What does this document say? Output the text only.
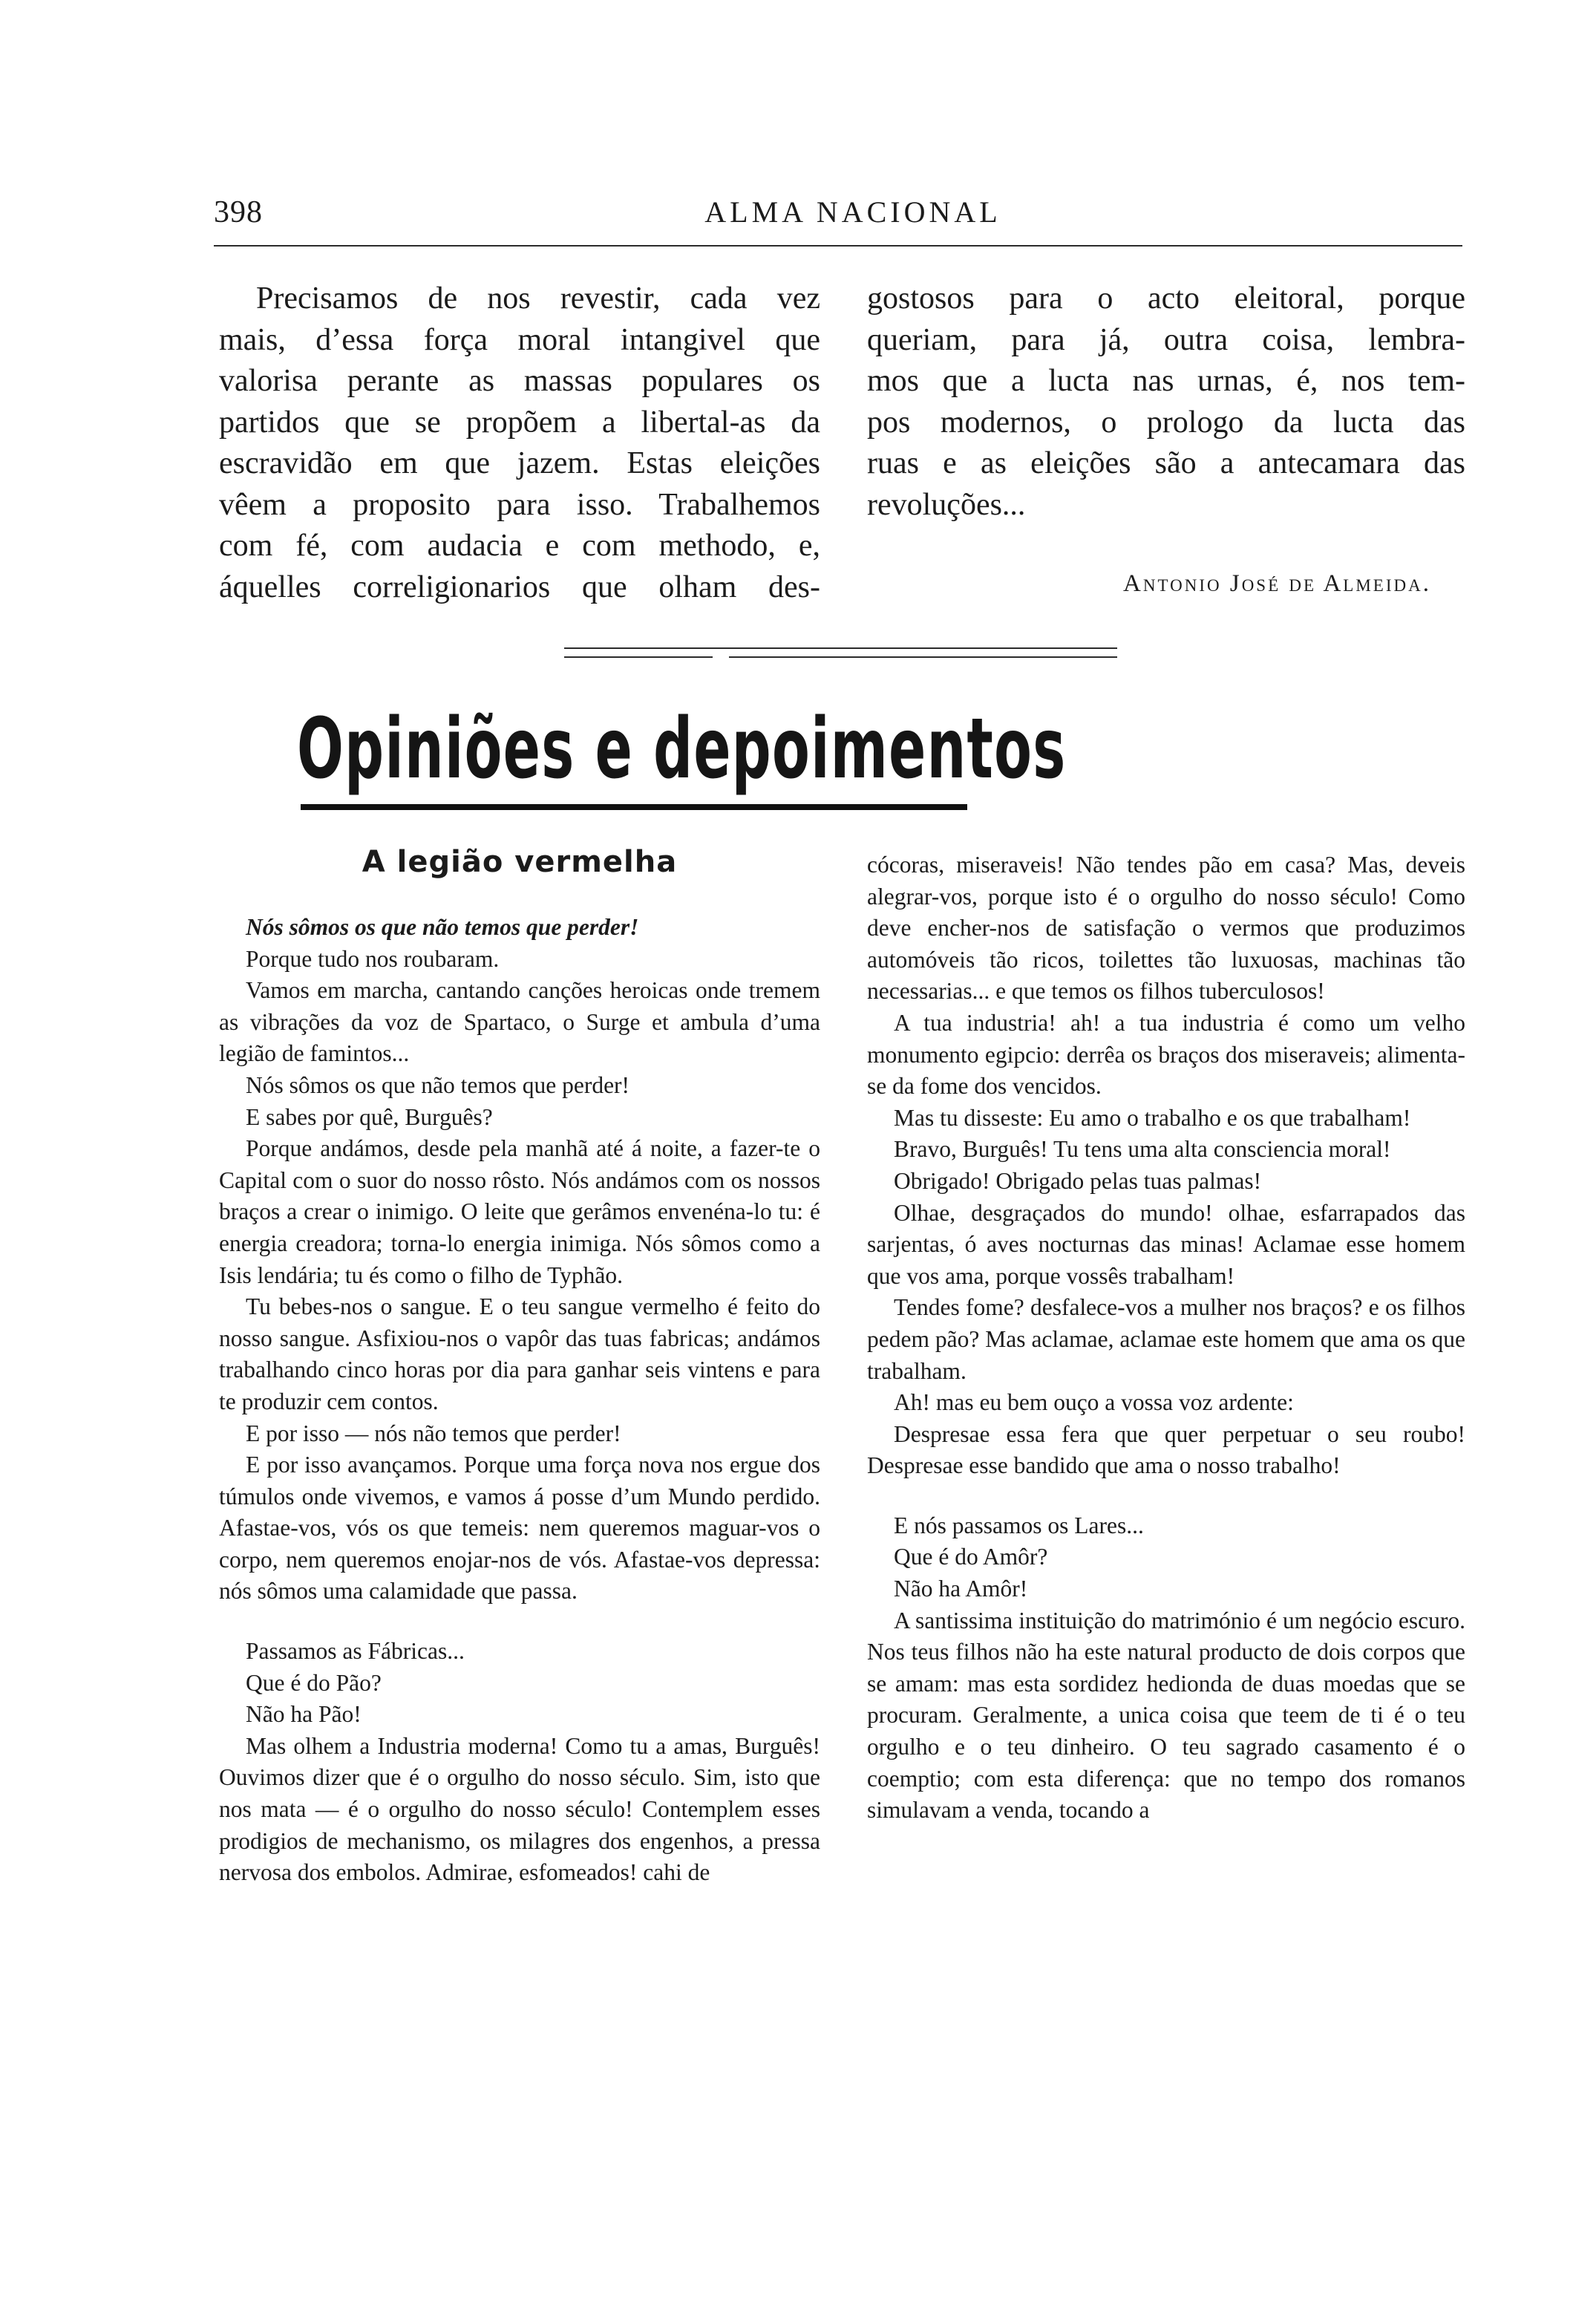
398	ALMA NACIONAL

Precisamos de nos revestir, cada vez

mais, d’essa força moral intangivel que

valorisa perante as massas populares os

partidos que se propõem a libertal-as da

escravidão em que jazem. Estas eleições

vêem a proposito para isso. Trabalhemos

com fé, com audacia e com methodo, e,

áquelles correligionarios que olham des-

gostosos para o acto eleitoral, porque

queriam, para já, outra coisa, lembra-

mos que a lucta nas urnas, é, nos tem-

pos modernos, o prologo da lucta das

ruas e as eleições são a antecamara das

revoluções...

Antonio José de Almeida.
Opiniões e depoimentos
A legião vermelha

Nós sômos os que não temos que perder!

Porque tudo nos roubaram.

Vamos em marcha, cantando canções heroicas onde tremem as vibrações da voz de Spartaco, o Surge et ambula d’uma legião de famintos...

Nós sômos os que não temos que perder!

E sabes por quê, Burguês?

Porque andámos, desde pela manhã até á noite, a fazer-te o Capital com o suor do nosso rôsto. Nós andámos com os nossos braços a crear o inimigo. O leite que gerâmos envenéna-lo tu: é energia creadora; torna-lo energia inimiga. Nós sômos como a Isis lendária; tu és como o filho de Typhão.

Tu bebes-nos o sangue. E o teu sangue vermelho é feito do nosso sangue. Asfixiou-nos o vapôr das tuas fabricas; andámos trabalhando cinco horas por dia para ganhar seis vintens e para te produzir cem contos.

E por isso — nós não temos que perder!

E por isso avançamos. Porque uma força nova nos ergue dos túmulos onde vivemos, e vamos á posse d’um Mundo perdido. Afastae-vos, vós os que temeis: nem queremos maguar-vos o corpo, nem queremos enojar-nos de vós. Afastae-vos depressa: nós sômos uma calamidade que passa.

Passamos as Fábricas...

Que é do Pão?

Não ha Pão!

Mas olhem a Industria moderna! Como tu a amas, Burguês! Ouvimos dizer que é o orgulho do nosso século. Sim, isto que nos mata — é o orgulho do nosso século! Contemplem esses prodigios de mechanismo, os milagres dos engenhos, a pressa nervosa dos embolos. Admirae, esfomeados! cahi de

cócoras, miseraveis! Não tendes pão em casa? Mas, deveis alegrar-vos, porque isto é o orgulho do nosso século! Como deve encher-nos de satisfação o vermos que produzimos automóveis tão ricos, toilettes tão luxuosas, machinas tão necessarias... e que temos os filhos tuberculosos!

A tua industria! ah! a tua industria é como um velho monumento egipcio: derrêa os braços dos miseraveis; alimenta-se da fome dos vencidos.

Mas tu disseste: Eu amo o trabalho e os que trabalham!

Bravo, Burguês! Tu tens uma alta consciencia moral!

Obrigado! Obrigado pelas tuas palmas!

Olhae, desgraçados do mundo! olhae, esfarrapados das sarjentas, ó aves nocturnas das minas! Aclamae esse homem que vos ama, porque vossês trabalham!

Tendes fome? desfalece-vos a mulher nos braços? e os filhos pedem pão? Mas aclamae, aclamae este homem que ama os que trabalham.

Ah! mas eu bem ouço a vossa voz ardente:

Despresae essa fera que quer perpetuar o seu roubo! Despresae esse bandido que ama o nosso trabalho!

E nós passamos os Lares...

Que é do Amôr?

Não ha Amôr!

A santissima instituição do matrimónio é um negócio escuro. Nos teus filhos não ha este natural producto de dois corpos que se amam: mas esta sordidez hedionda de duas moedas que se procuram. Geralmente, a unica coisa que teem de ti é o teu orgulho e o teu dinheiro. O teu sagrado casamento é o coemptio; com esta diferença: que no tempo dos romanos simulavam a venda, tocando a
